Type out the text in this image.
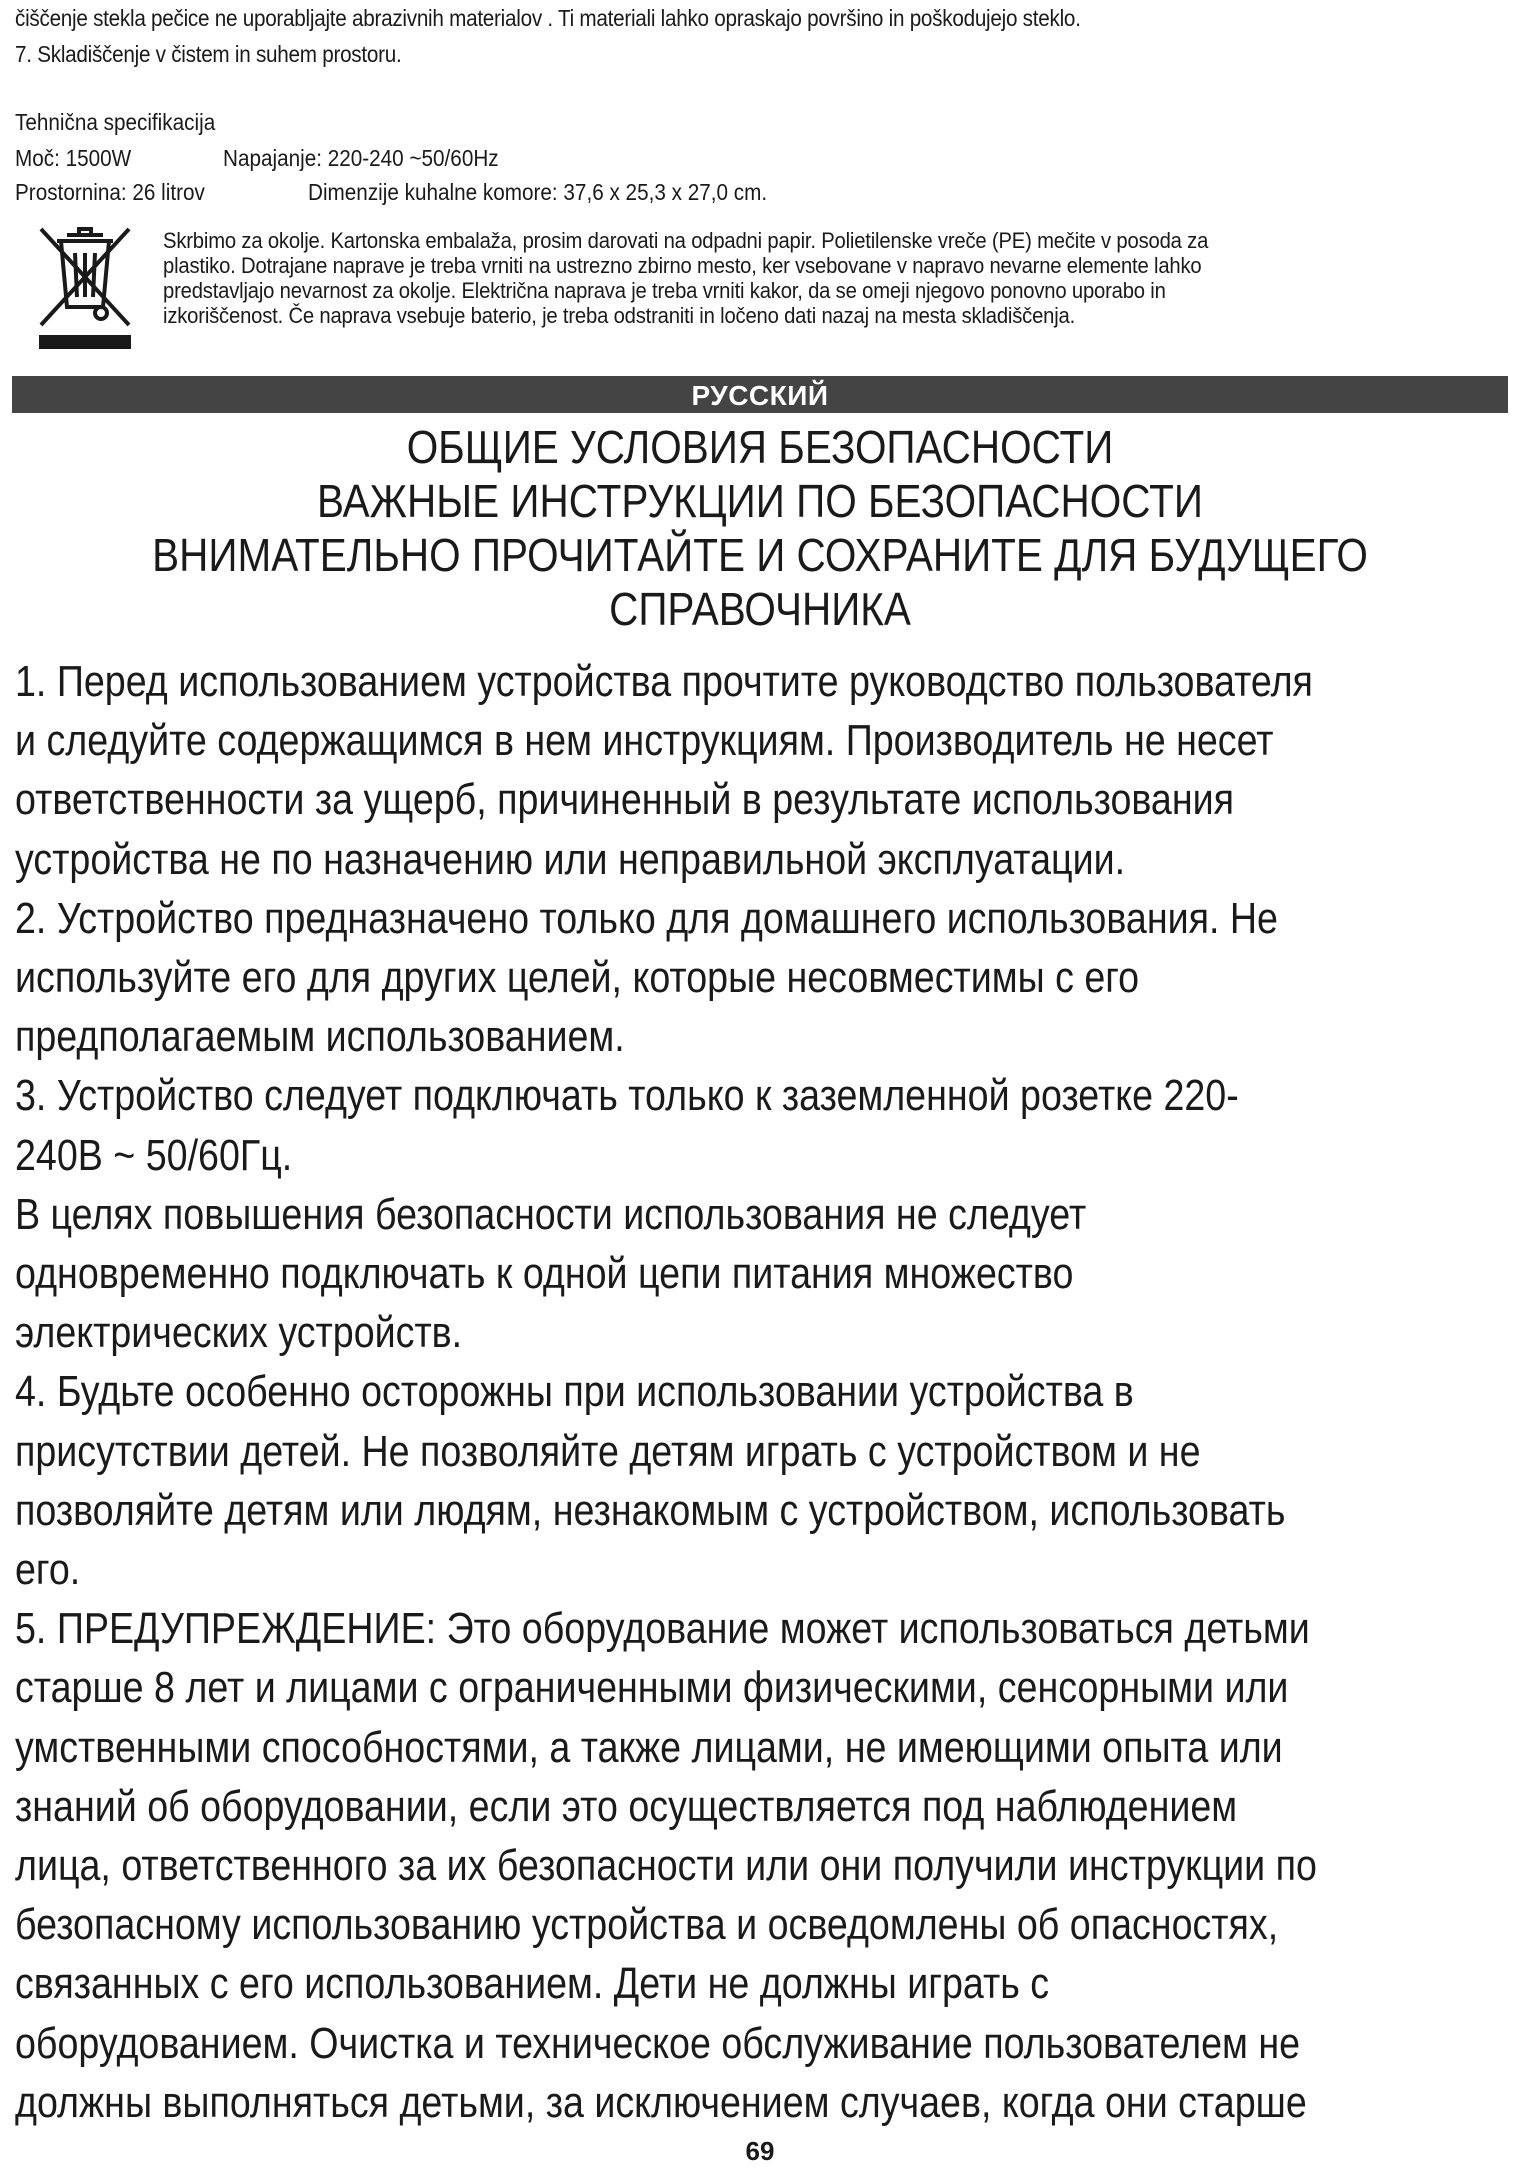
čiščenje stekla pečice ne uporabljajte abrazivnih materialov . Ti materiali lahko opraskajo površino in poškodujejo steklo.
7. Skladiščenje v čistem in suhem prostoru.
Tehnična specifikacija
Moč: 1500W	Napajanje: 220-240 ~50/60Hz
Prostornina: 26 litrov	Dimenzije kuhalne komore: 37,6 x 25,3 x 27,0 cm.
Skrbimo za okolje. Kartonska embalaža, prosim darovati na odpadni papir. Polietilenske vreče (PE) mečite v posoda za
plastiko. Dotrajane naprave je treba vrniti na ustrezno zbirno mesto, ker vsebovane v napravo nevarne elemente lahko
predstavljajo nevarnost za okolje. Električna naprava je treba vrniti kakor, da se omeji njegovo ponovno uporabo in
izkoriščenost. Če naprava vsebuje baterio, je treba odstraniti in ločeno dati nazaj na mesta skladiščenja.
РУССКИЙ
ОБЩИЕ УСЛОВИЯ БЕЗОПАСНОСТИ
ВАЖНЫЕ ИНСТРУКЦИИ ПО БЕЗОПАСНОСТИ
ВНИМАТЕЛЬНО ПРОЧИТАЙТЕ И СОХРАНИТЕ ДЛЯ БУДУЩЕГО
СПРАВОЧНИКА
1. Перед использованием устройства прочтите руководство пользователя
и следуйте содержащимся в нем инструкциям. Производитель не несет
ответственности за ущерб, причиненный в результате использования
устройства не по назначению или неправильной эксплуатации.
2. Устройство предназначено только для домашнего использования. Не
используйте его для других целей, которые несовместимы с его
предполагаемым использованием.
3. Устройство следует подключать только к заземленной розетке 220-
240В ~ 50/60Гц.
В целях повышения безопасности использования не следует
одновременно подключать к одной цепи питания множество
электрических устройств.
4. Будьте особенно осторожны при использовании устройства в
присутствии детей. Не позволяйте детям играть с устройством и не
позволяйте детям или людям, незнакомым с устройством, использовать
его.
5. ПРЕДУПРЕЖДЕНИЕ: Это оборудование может использоваться детьми
старше 8 лет и лицами с ограниченными физическими, сенсорными или
умственными способностями, а также лицами, не имеющими опыта или
знаний об оборудовании, если это осуществляется под наблюдением
лица, ответственного за их безопасности или они получили инструкции по
безопасному использованию устройства и осведомлены об опасностях,
связанных с его использованием. Дети не должны играть с
оборудованием. Очистка и техническое обслуживание пользователем не
должны выполняться детьми, за исключением случаев, когда они старше
69
